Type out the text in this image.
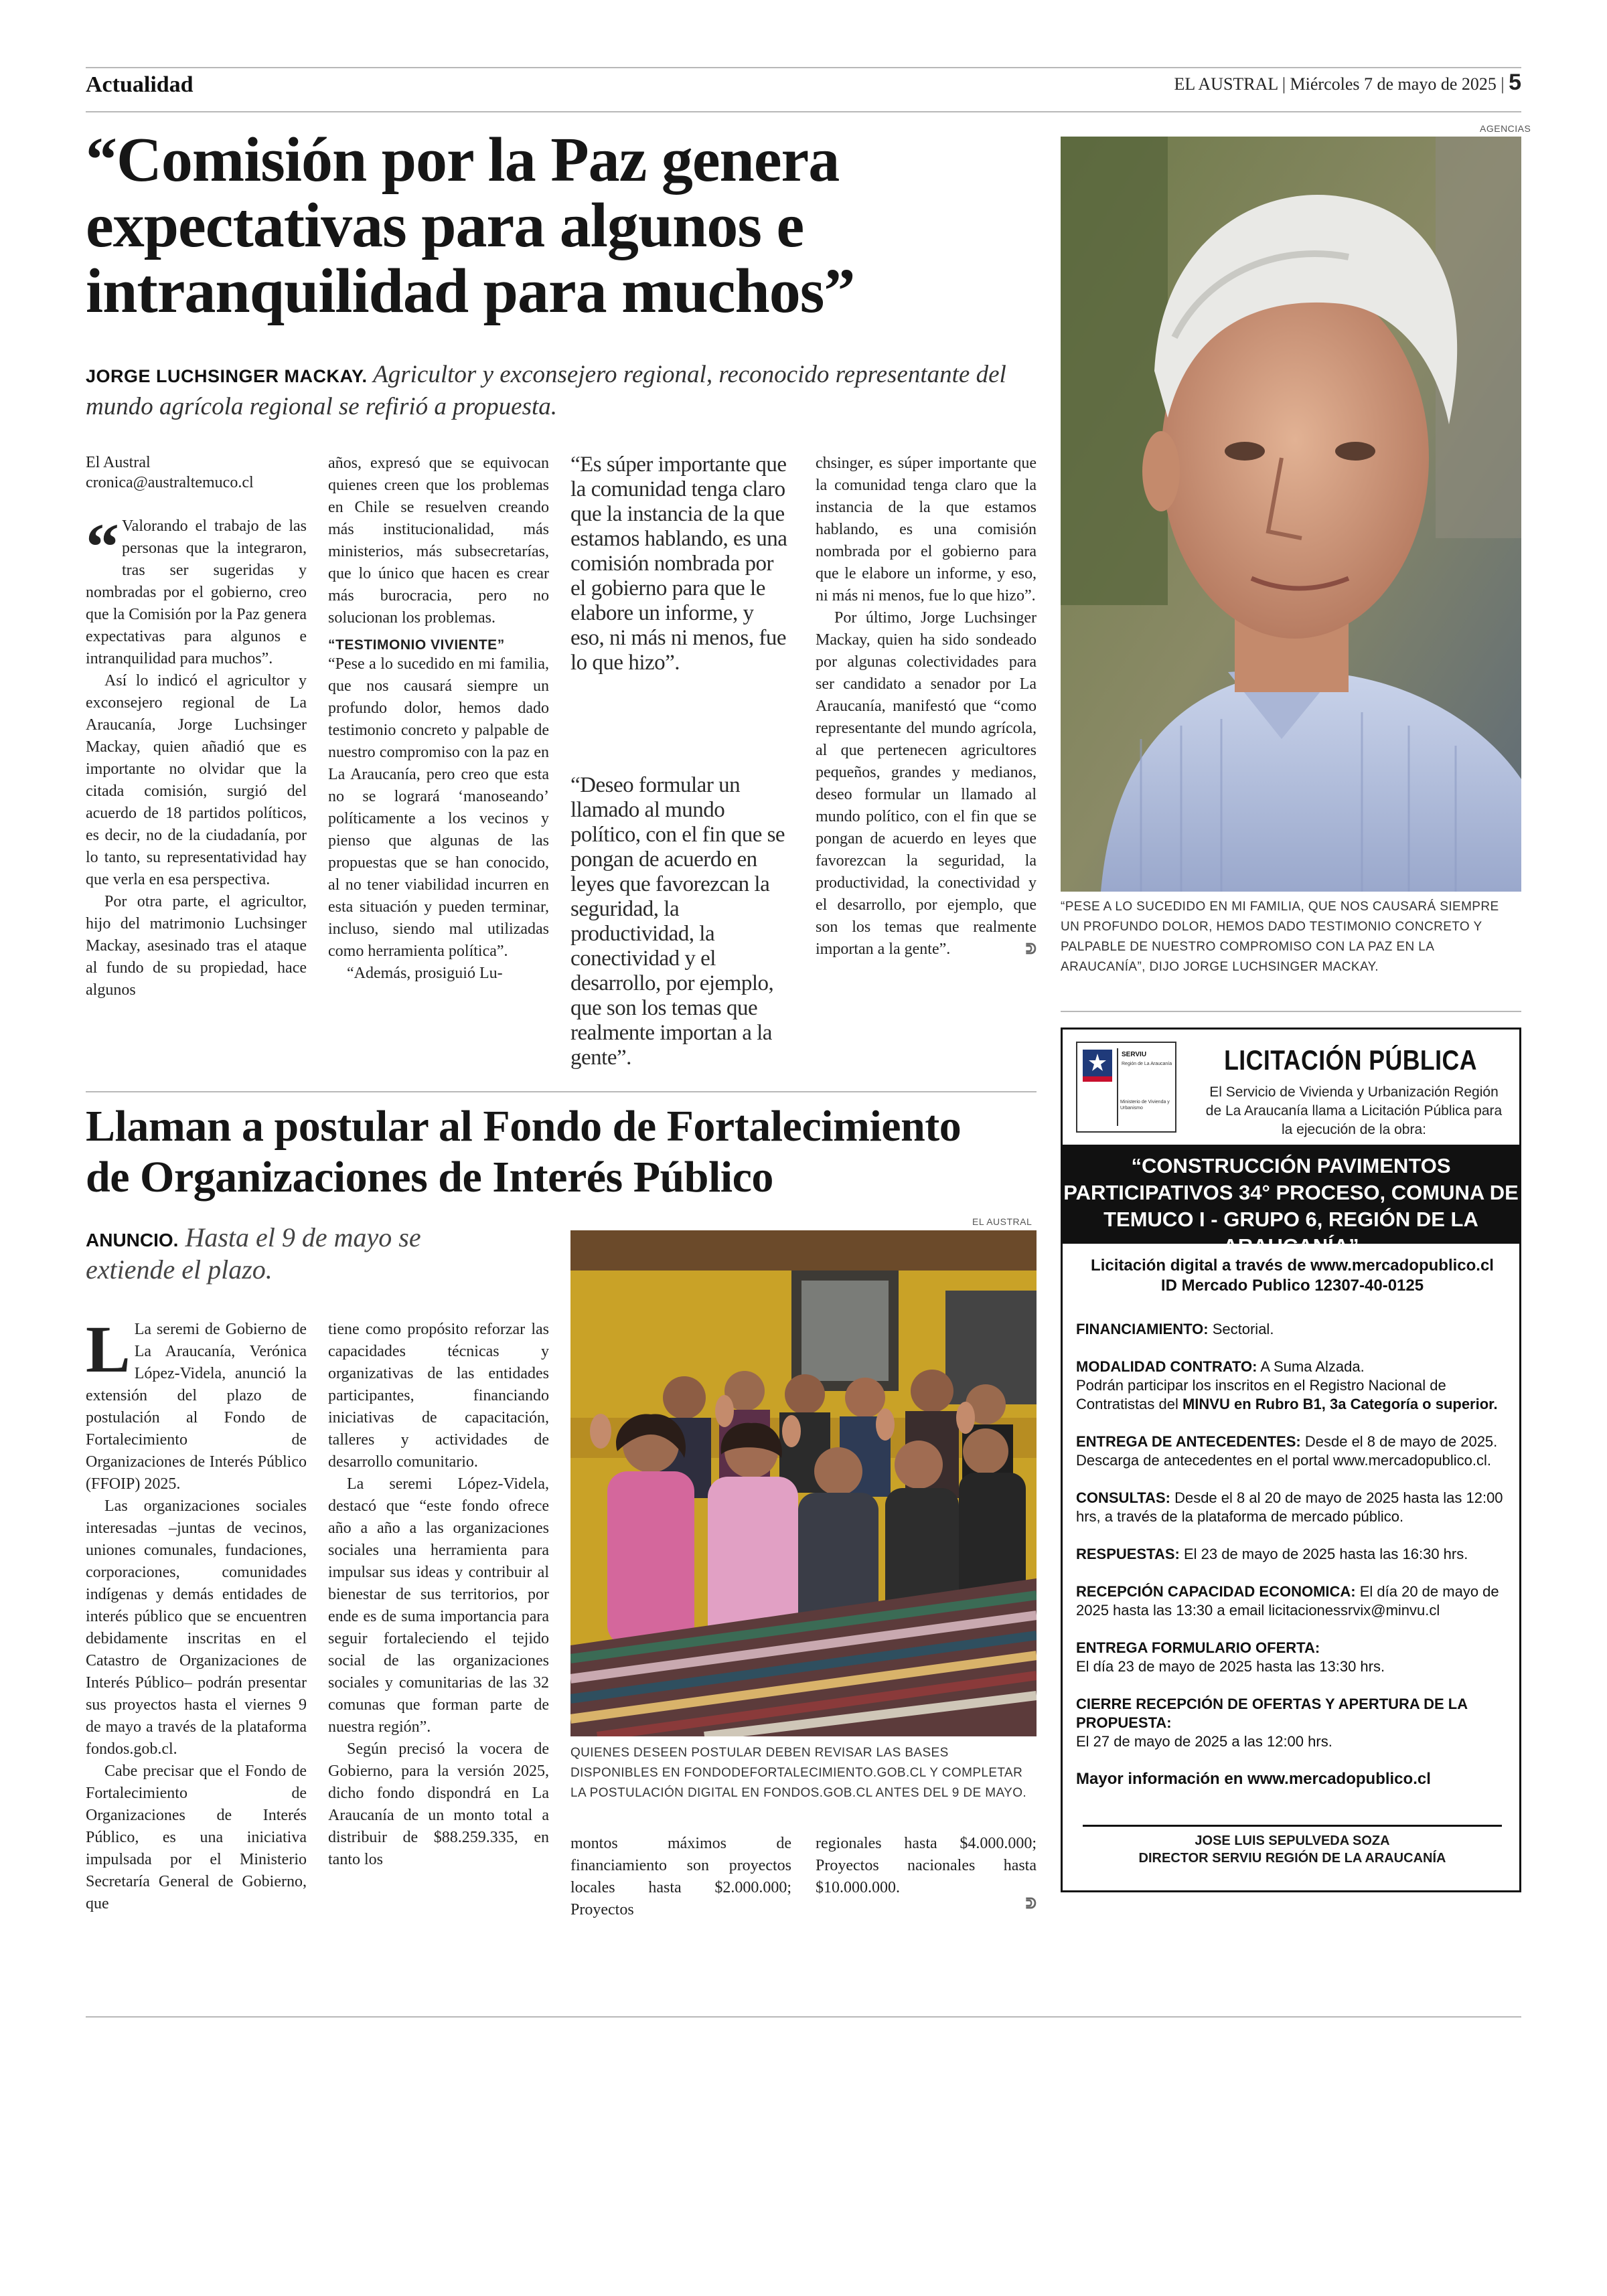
Actualidad	EL AUSTRAL | Miércoles 7 de mayo de 2025 | 5
“Comisión por la Paz genera
expectativas para algunos e
intranquilidad para muchos”
JORGE LUCHSINGER MACKAY. Agricultor y exconsejero regional, reconocido representante del mundo agrícola regional se refirió a propuesta.
AGENCIAS
“PESE A LO SUCEDIDO EN MI FAMILIA, QUE NOS CAUSARÁ SIEMPRE UN PROFUNDO DOLOR, HEMOS DADO TESTIMONIO CONCRETO Y PALPABLE DE NUESTRO COMPROMISO CON LA PAZ EN LA ARAUCANÍA”, DIJO JORGE LUCHSINGER MACKAY.
El Austral
cronica@australtemuco.cl

“ Valorando el trabajo de las personas que la integraron, tras ser sugeridas y nombradas por el gobierno, creo que la Comisión por la Paz genera expectativas para algunos e intranquilidad para muchos”.

Así lo indicó el agricultor y exconsejero regional de La Araucanía, Jorge Luchsinger Mackay, quien añadió que es importante no olvidar que la citada comisión, surgió del acuerdo de 18 partidos políticos, es decir, no de la ciudadanía, por lo tanto, su representatividad hay que verla en esa perspectiva.

Por otra parte, el agricultor, hijo del matrimonio Luchsinger Mackay, asesinado tras el ataque al fundo de su propiedad, hace algunos

años, expresó que se equivocan quienes creen que los problemas en Chile se resuelven creando más institucionalidad, más ministerios, más subsecretarías, que lo único que hacen es crear más burocracia, pero no solucionan los problemas.

“TESTIMONIO VIVIENTE”

“Pese a lo sucedido en mi familia, que nos causará siempre un profundo dolor, hemos dado testimonio concreto y palpable de nuestro compromiso con la paz en La Araucanía, pero creo que esta no se logrará ‘manoseando’ políticamente a los vecinos y pienso que algunas de las propuestas que se han conocido, al no tener viabilidad incurren en esta situación y pueden terminar, incluso, siendo mal utilizadas como herramienta política”.

“Además, prosiguió Lu-

“Es súper importante que la comunidad tenga claro que la instancia de la que estamos hablando, es una comisión nombrada por el gobierno para que le elabore un informe, y eso, ni más ni menos, fue lo que hizo”.
“Deseo formular un llamado al mundo político, con el fin que se pongan de acuerdo en leyes que favorezcan la seguridad, la productividad, la conectividad y el desarrollo, por ejemplo, que son los temas que realmente importan a la gente”.

chsinger, es súper importante que la comunidad tenga claro que la instancia de la que estamos hablando, es una comisión nombrada por el gobierno para que le elabore un informe, y eso, ni más ni menos, fue lo que hizo”.

Por último, Jorge Luchsinger Mackay, quien ha sido sondeado por algunas colectividades para ser candidato a senador por La Araucanía, manifestó que “como representante del mundo agrícola, al que pertenecen agricultores pequeños, grandes y medianos, deseo formular un llamado al mundo político, con el fin que se pongan de acuerdo en leyes que favorezcan la seguridad, la productividad, la conectividad y el desarrollo, por ejemplo, que son los temas que realmente importan a la gente”.	ᕲ
Llaman a postular al Fondo de Fortalecimiento
de Organizaciones de Interés Público
ANUNCIO. Hasta el 9 de mayo se extiende el plazo.

L La seremi de Gobierno de La Araucanía, Verónica López-Videla, anunció la extensión del plazo de postulación al Fondo de Fortalecimiento de Organizaciones de Interés Público (FFOIP) 2025.

Las organizaciones sociales interesadas –juntas de vecinos, uniones comunales, fundaciones, corporaciones, comunidades indígenas y demás entidades de interés público que se encuentren debidamente inscritas en el Catastro de Organizaciones de Interés Público– podrán presentar sus proyectos hasta el viernes 9 de mayo a través de la plataforma fondos.gob.cl.

Cabe precisar que el Fondo de Fortalecimiento de Organizaciones de Interés Público, es una iniciativa impulsada por el Ministerio Secretaría General de Gobierno, que

tiene como propósito reforzar las capacidades técnicas y organizativas de las entidades participantes, financiando iniciativas de capacitación, talleres y actividades de desarrollo comunitario.

La seremi López-Videla, destacó que “este fondo ofrece año a año a las organizaciones sociales una herramienta para impulsar sus ideas y contribuir al bienestar de sus territorios, por ende es de suma importancia para seguir fortaleciendo el tejido social de las organizaciones sociales y comunitarias de las 32 comunas que forman parte de nuestra región”.

Según precisó la vocera de Gobierno, para la versión 2025, dicho fondo dispondrá en La Araucanía de un monto total a distribuir de $88.259.335, en tanto los

EL AUSTRAL
QUIENES DESEEN POSTULAR DEBEN REVISAR LAS BASES DISPONIBLES EN FONDODEFORTALECIMIENTO.GOB.CL Y COMPLETAR LA POSTULACIÓN DIGITAL EN FONDOS.GOB.CL ANTES DEL 9 DE MAYO.

montos máximos de financiamiento son proyectos locales hasta $2.000.000; Proyectos

regionales hasta $4.000.000; Proyectos nacionales hasta $10.000.000.

ᕲ
SERVIU
Región de La Araucanía
Ministerio de Vivienda y Urbanismo
LICITACIÓN PÚBLICA
El Servicio de Vivienda y Urbanización Región de La Araucanía llama a Licitación Pública para la ejecución de la obra:
“CONSTRUCCIÓN PAVIMENTOS PARTICIPATIVOS 34° PROCESO, COMUNA DE TEMUCO I - GRUPO 6, REGIÓN DE LA ARAUCANÍA”
Licitación digital a través de www.mercadopublico.cl
ID Mercado Publico 12307-40-0125
FINANCIAMIENTO: Sectorial.
MODALIDAD CONTRATO: A Suma Alzada.
Podrán participar los inscritos en el Registro Nacional de Contratistas del MINVU en Rubro B1, 3a Categoría o superior.
ENTREGA DE ANTECEDENTES: Desde el 8 de mayo de 2025. Descarga de antecedentes en el portal www.mercadopublico.cl.
CONSULTAS: Desde el 8 al 20 de mayo de 2025 hasta las 12:00 hrs, a través de la plataforma de mercado público.
RESPUESTAS: El 23 de mayo de 2025 hasta las 16:30 hrs.
RECEPCIÓN CAPACIDAD ECONOMICA: El día 20 de mayo de 2025 hasta las 13:30 a email licitacionessrvix@minvu.cl
ENTREGA FORMULARIO OFERTA:
El día 23 de mayo de 2025 hasta las 13:30 hrs.
CIERRE RECEPCIÓN DE OFERTAS Y APERTURA DE LA PROPUESTA:
El 27 de mayo de 2025 a las 12:00 hrs.
Mayor información en www.mercadopublico.cl
JOSE LUIS SEPULVEDA SOZA
DIRECTOR SERVIU REGIÓN DE LA ARAUCANÍA
